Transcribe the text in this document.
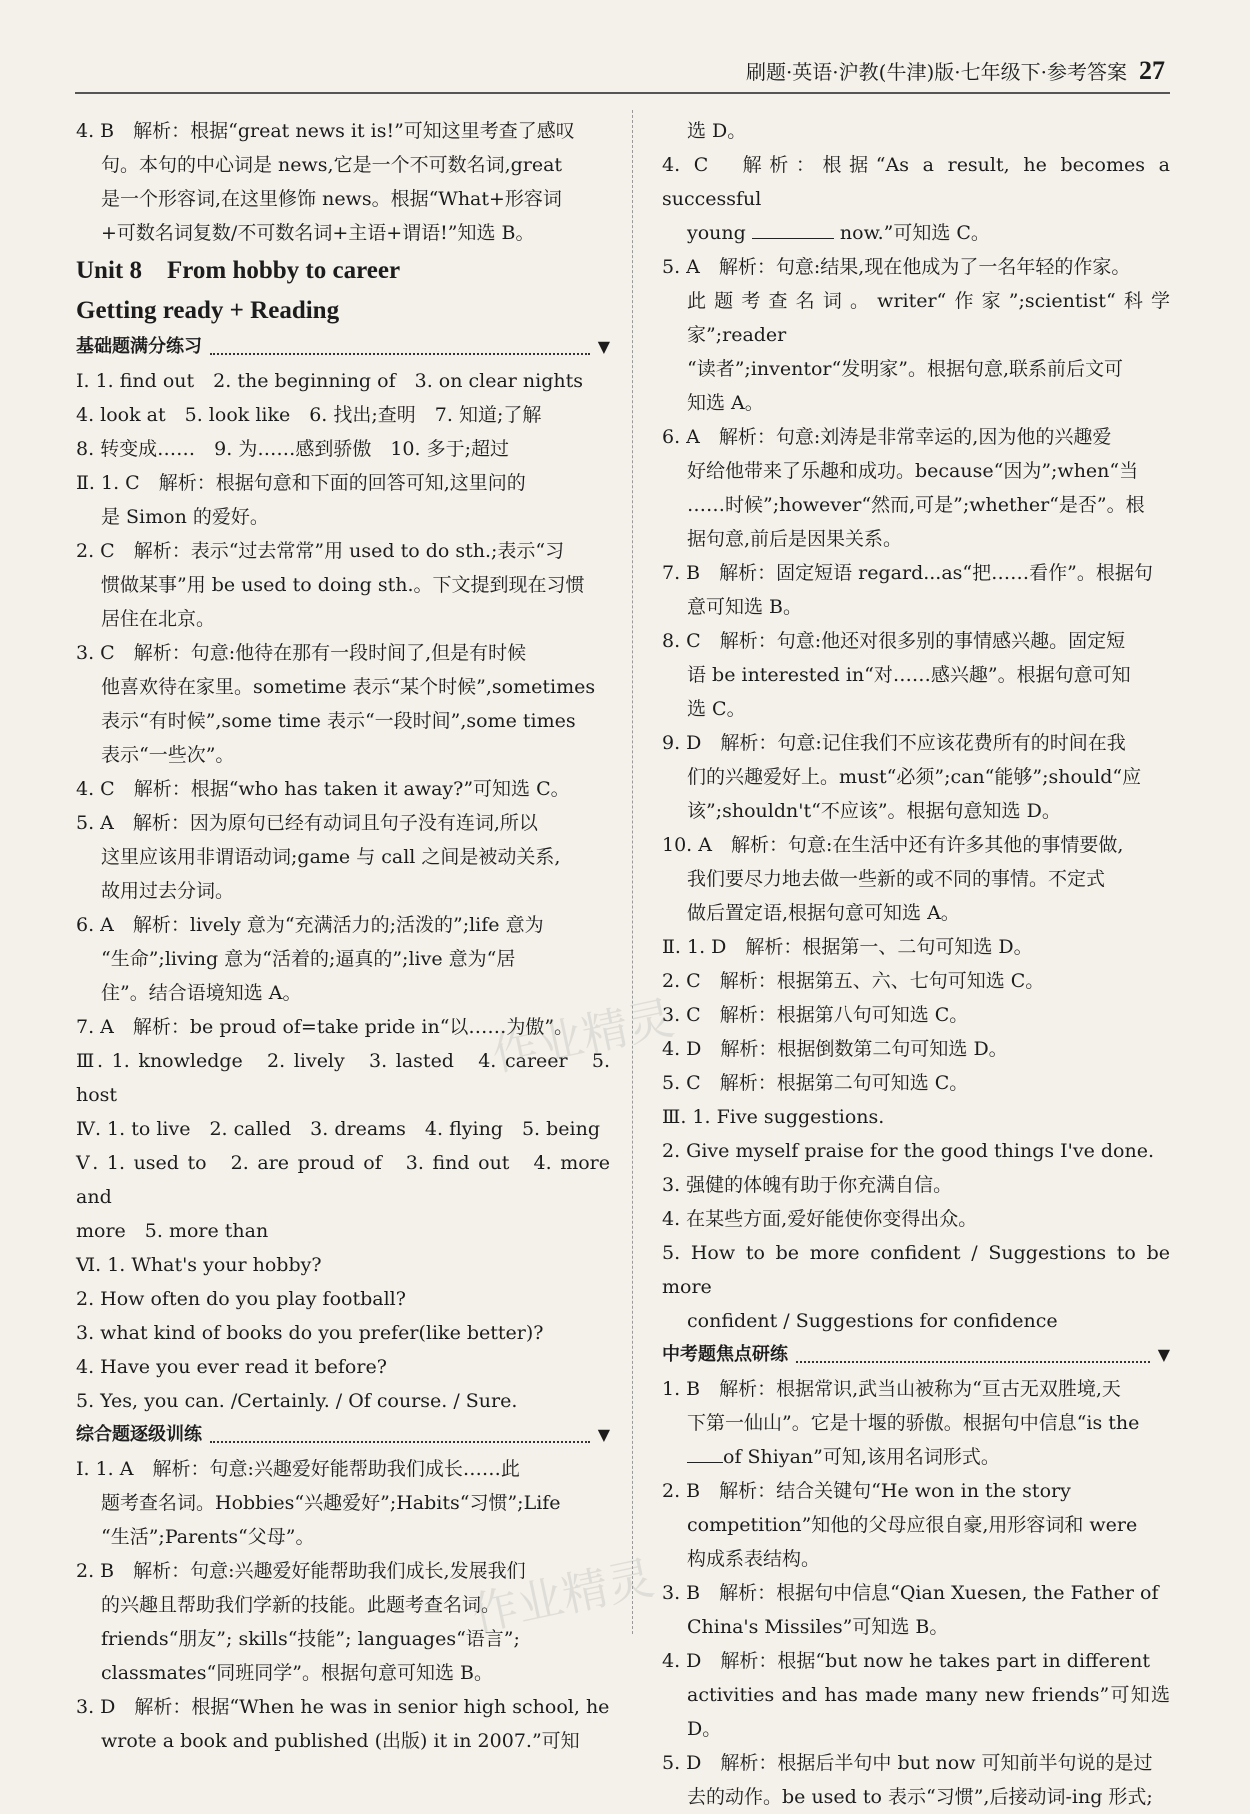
刷题·英语·沪教(牛津)版·七年级下·参考答案 27

4. B　解析：根据“great news it is!”可知这里考查了感叹

句。本句的中心词是 news,它是一个不可数名词,great

是一个形容词,在这里修饰 news。根据“What+形容词

+可数名词复数/不可数名词+主语+谓语!”知选 B。

Unit 8　From hobby to career
Getting ready + Reading
基础题满分练习	▼

Ⅰ. 1. find out　2. the beginning of　3. on clear nights

4. look at　5. look like　6. 找出;查明　7. 知道;了解

8. 转变成……　9. 为……感到骄傲　10. 多于;超过

Ⅱ. 1. C　解析：根据句意和下面的回答可知,这里问的

是 Simon 的爱好。

2. C　解析：表示“过去常常”用 used to do sth.;表示“习

惯做某事”用 be used to doing sth.。下文提到现在习惯

居住在北京。

3. C　解析：句意:他待在那有一段时间了,但是有时候

他喜欢待在家里。sometime 表示“某个时候”,sometimes

表示“有时候”,some time 表示“一段时间”,some times

表示“一些次”。

4. C　解析：根据“who has taken it away?”可知选 C。

5. A　解析：因为原句已经有动词且句子没有连词,所以

这里应该用非谓语动词;game 与 call 之间是被动关系,

故用过去分词。

6. A　解析：lively 意为“充满活力的;活泼的”;life 意为

“生命”;living 意为“活着的;逼真的”;live 意为“居

住”。结合语境知选 A。

7. A　解析：be proud of=take pride in“以……为傲”。

Ⅲ. 1. knowledge　2. lively　3. lasted　4. career　5. host

Ⅳ. 1. to live　2. called　3. dreams　4. flying　5. being

Ⅴ. 1. used to　2. are proud of　3. find out　4. more and

more　5. more than

Ⅵ. 1. What's your hobby?

2. How often do you play football?

3. what kind of books do you prefer(like better)?

4. Have you ever read it before?

5. Yes, you can. /Certainly. / Of course. / Sure.

综合题逐级训练	▼

Ⅰ. 1. A　解析：句意:兴趣爱好能帮助我们成长……此

题考查名词。Hobbies“兴趣爱好”;Habits“习惯”;Life

“生活”;Parents“父母”。

2. B　解析：句意:兴趣爱好能帮助我们成长,发展我们

的兴趣且帮助我们学新的技能。此题考查名词。

friends“朋友”; skills“技能”; languages“语言”;

classmates“同班同学”。根据句意可知选 B。

3. D　解析：根据“When he was in senior high school, he

wrote a book and published (出版) it in 2007.”可知

选 D。

4. C　解析：根据“As a result, he becomes a successful

young	now.”可知选 C。

5. A　解析：句意:结果,现在他成为了一名年轻的作家。

此题考查名词。writer“作家”;scientist“科学家”;reader

“读者”;inventor“发明家”。根据句意,联系前后文可

知选 A。

6. A　解析：句意:刘涛是非常幸运的,因为他的兴趣爱

好给他带来了乐趣和成功。because“因为”;when“当

……时候”;however“然而,可是”;whether“是否”。根

据句意,前后是因果关系。

7. B　解析：固定短语 regard...as“把……看作”。根据句

意可知选 B。

8. C　解析：句意:他还对很多别的事情感兴趣。固定短

语 be interested in“对……感兴趣”。根据句意可知

选 C。

9. D　解析：句意:记住我们不应该花费所有的时间在我

们的兴趣爱好上。must“必须”;can“能够”;should“应

该”;shouldn't“不应该”。根据句意知选 D。

10. A　解析：句意:在生活中还有许多其他的事情要做,

我们要尽力地去做一些新的或不同的事情。不定式

做后置定语,根据句意可知选 A。

Ⅱ. 1. D　解析：根据第一、二句可知选 D。

2. C　解析：根据第五、六、七句可知选 C。

3. C　解析：根据第八句可知选 C。

4. D　解析：根据倒数第二句可知选 D。

5. C　解析：根据第二句可知选 C。

Ⅲ. 1. Five suggestions.

2. Give myself praise for the good things I've done.

3. 强健的体魄有助于你充满自信。

4. 在某些方面,爱好能使你变得出众。

5. How to be more confident / Suggestions to be more

confident / Suggestions for confidence

中考题焦点研练	▼

1. B　解析：根据常识,武当山被称为“亘古无双胜境,天

下第一仙山”。它是十堰的骄傲。根据句中信息“is the

of Shiyan”可知,该用名词形式。

2. B　解析：结合关键句“He won in the story

competition”知他的父母应很自豪,用形容词和 were

构成系表结构。

3. B　解析：根据句中信息“Qian Xuesen, the Father of

China's Missiles”可知选 B。

4. D　解析：根据“but now he takes part in different

activities and has made many new friends”可知选 D。

5. D　解析：根据后半句中 but now 可知前半句说的是过

去的动作。be used to 表示“习惯”,后接动词-ing 形式;

作业精灵
作业精灵
